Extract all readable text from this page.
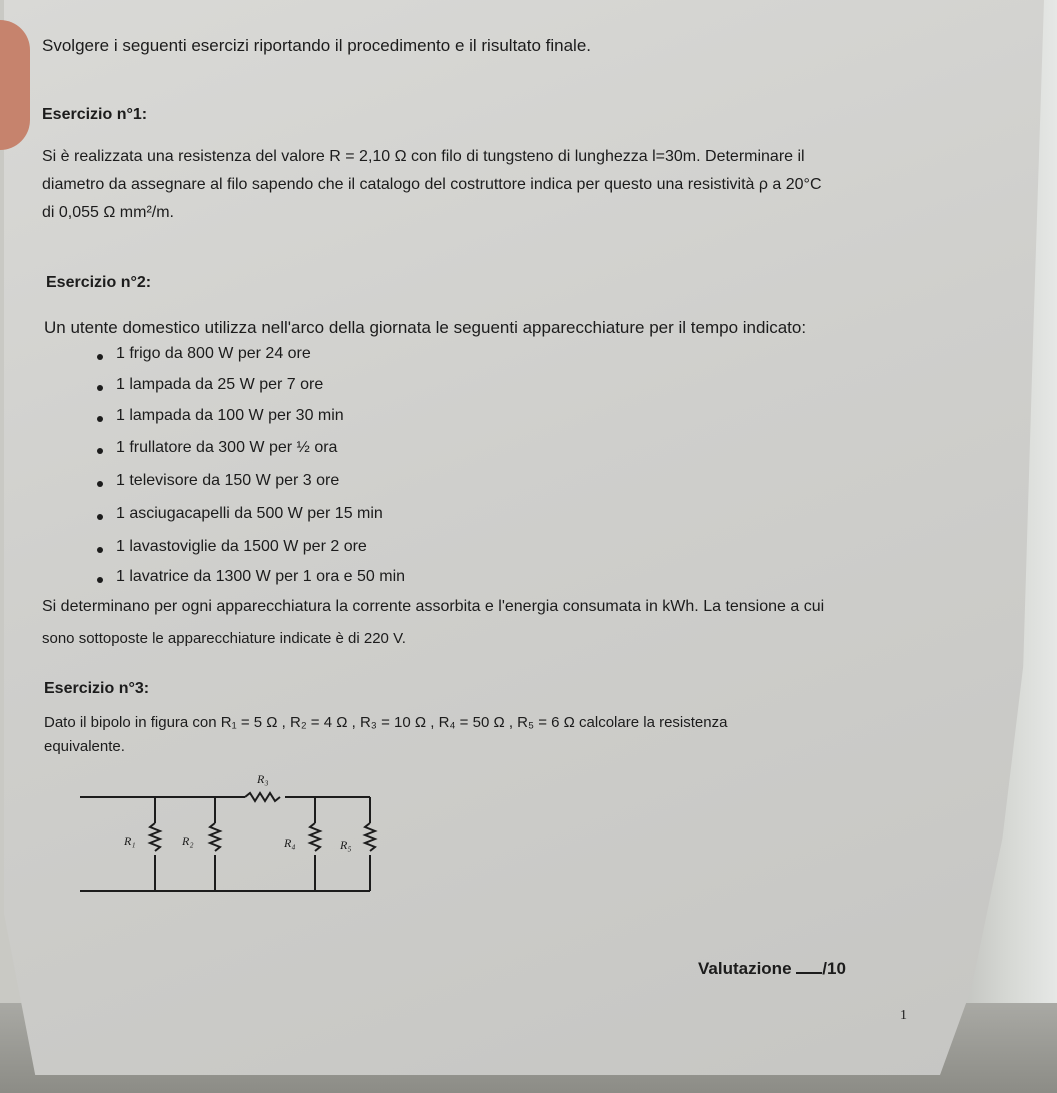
Svolgere i seguenti esercizi riportando il procedimento e il risultato finale.
Esercizio n°1:
Si è realizzata una resistenza del valore R = 2,10 Ω con filo di tungsteno di lunghezza l=30m. Determinare il
diametro da assegnare al filo sapendo che il catalogo del costruttore indica per questo una resistività ρ a 20°C
di 0,055 Ω mm²/m.
Esercizio n°2:
Un utente domestico utilizza nell'arco della giornata le seguenti apparecchiature per il tempo indicato:
1 frigo da 800 W per 24 ore
1 lampada da 25 W per 7 ore
1 lampada da 100 W per 30 min
1 frullatore da 300 W per ½ ora
1 televisore da 150 W per 3 ore
1 asciugacapelli da 500 W per 15 min
1 lavastoviglie da 1500 W per 2 ore
1 lavatrice da 1300 W per 1 ora e 50 min
Si determinano per ogni apparecchiatura la corrente assorbita e l'energia consumata in kWh. La tensione a cui
sono sottoposte le apparecchiature indicate è di 220 V.
Esercizio n°3:
Dato il bipolo in figura con R₁ = 5 Ω , R₂ = 4 Ω , R₃ = 10 Ω , R₄ = 50 Ω , R₅ = 6 Ω calcolare la resistenza
equivalente.
R₃
R₁	R₂	R₄	R₅
Valutazione /10
1
